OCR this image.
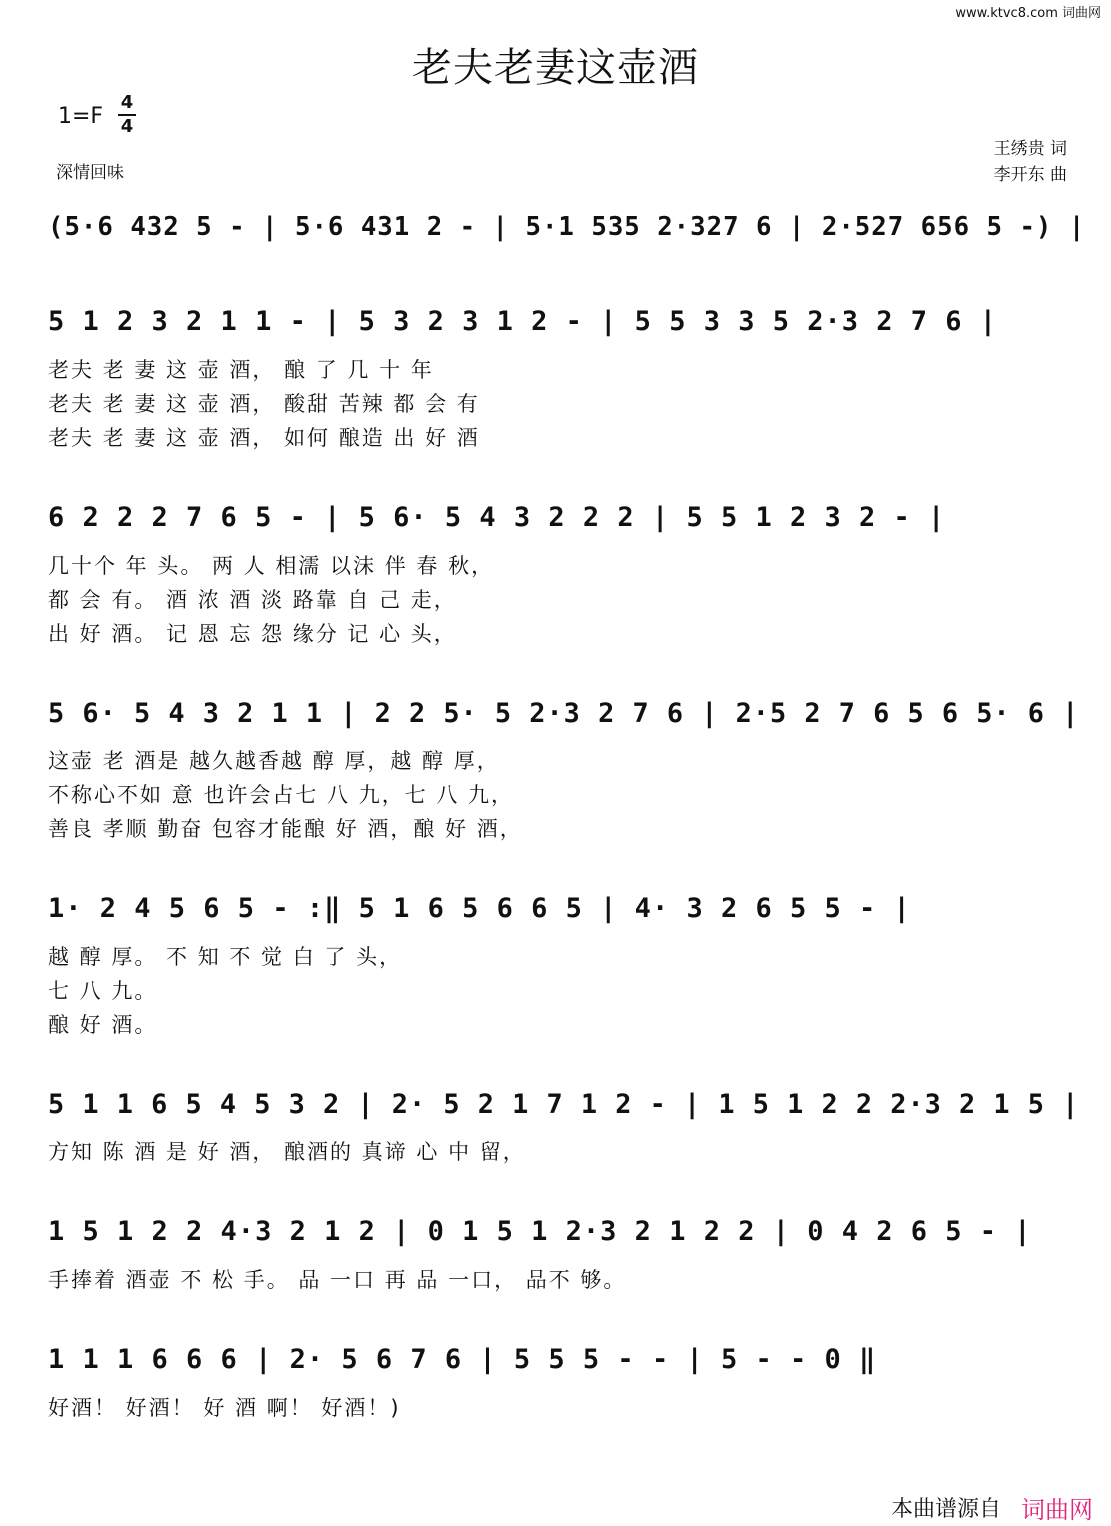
www.ktvc8.com 词曲网
老夫老妻这壶酒
1=F
4
4
深情回味
王绣贵 词
李开东 曲
(5·6 432 5 - | 5·6 431 2 - | 5·1 535 2·327 6 | 2·527 656 5 -) |
5 1 2 3 2 1 1 - | 5 3 2 3 1 2 - | 5 5 3 3 5 2·3 2 7 6 |
老夫 老 妻 这 壶 酒， 酿 了 几 十 年
老夫 老 妻 这 壶 酒， 酸甜 苦辣 都 会 有
老夫 老 妻 这 壶 酒， 如何 酿造 出 好 酒
6 2 2 2 7 6 5 - | 5 6· 5 4 3 2 2 2 | 5 5 1 2 3 2 - |
几十个 年 头。 两 人 相濡 以沫 伴 春 秋，
都 会 有。 酒 浓 酒 淡 路靠 自 己 走，
出 好 酒。 记 恩 忘 怨 缘分 记 心 头，
5 6· 5 4 3 2 1 1 | 2 2 5· 5 2·3 2 7 6 | 2·5 2 7 6 5 6 5· 6 |
这壶 老 酒是 越久越香越 醇 厚，越 醇 厚，
不称心不如 意 也许会占七 八 九，七 八 九，
善良 孝顺 勤奋 包容才能酿 好 酒，酿 好 酒，
1· 2 4 5 6 5 - :‖ 5 1 6 5 6 6 5 | 4· 3 2 6 5 5 - |
越 醇 厚。 不 知 不 觉 白 了 头，
七 八 九。
酿 好 酒。
5 1 1 6 5 4 5 3 2 | 2· 5 2 1 7 1 2 - | 1 5 1 2 2 2·3 2 1 5 |
方知 陈 酒 是 好 酒， 酿酒的 真谛 心 中 留，
1 5 1 2 2 4·3 2 1 2 | 0 1 5 1 2·3 2 1 2 2 | 0 4 2 6 5 - |
手捧着 酒壶 不 松 手。 品 一口 再 品 一口， 品不 够。
1 1 1 6 6 6 | 2· 5 6 7 6 | 5 5 5 - - | 5 - - 0 ‖
好酒！ 好酒！ 好 酒 啊！ 好酒！)
本曲谱源自 词曲网
